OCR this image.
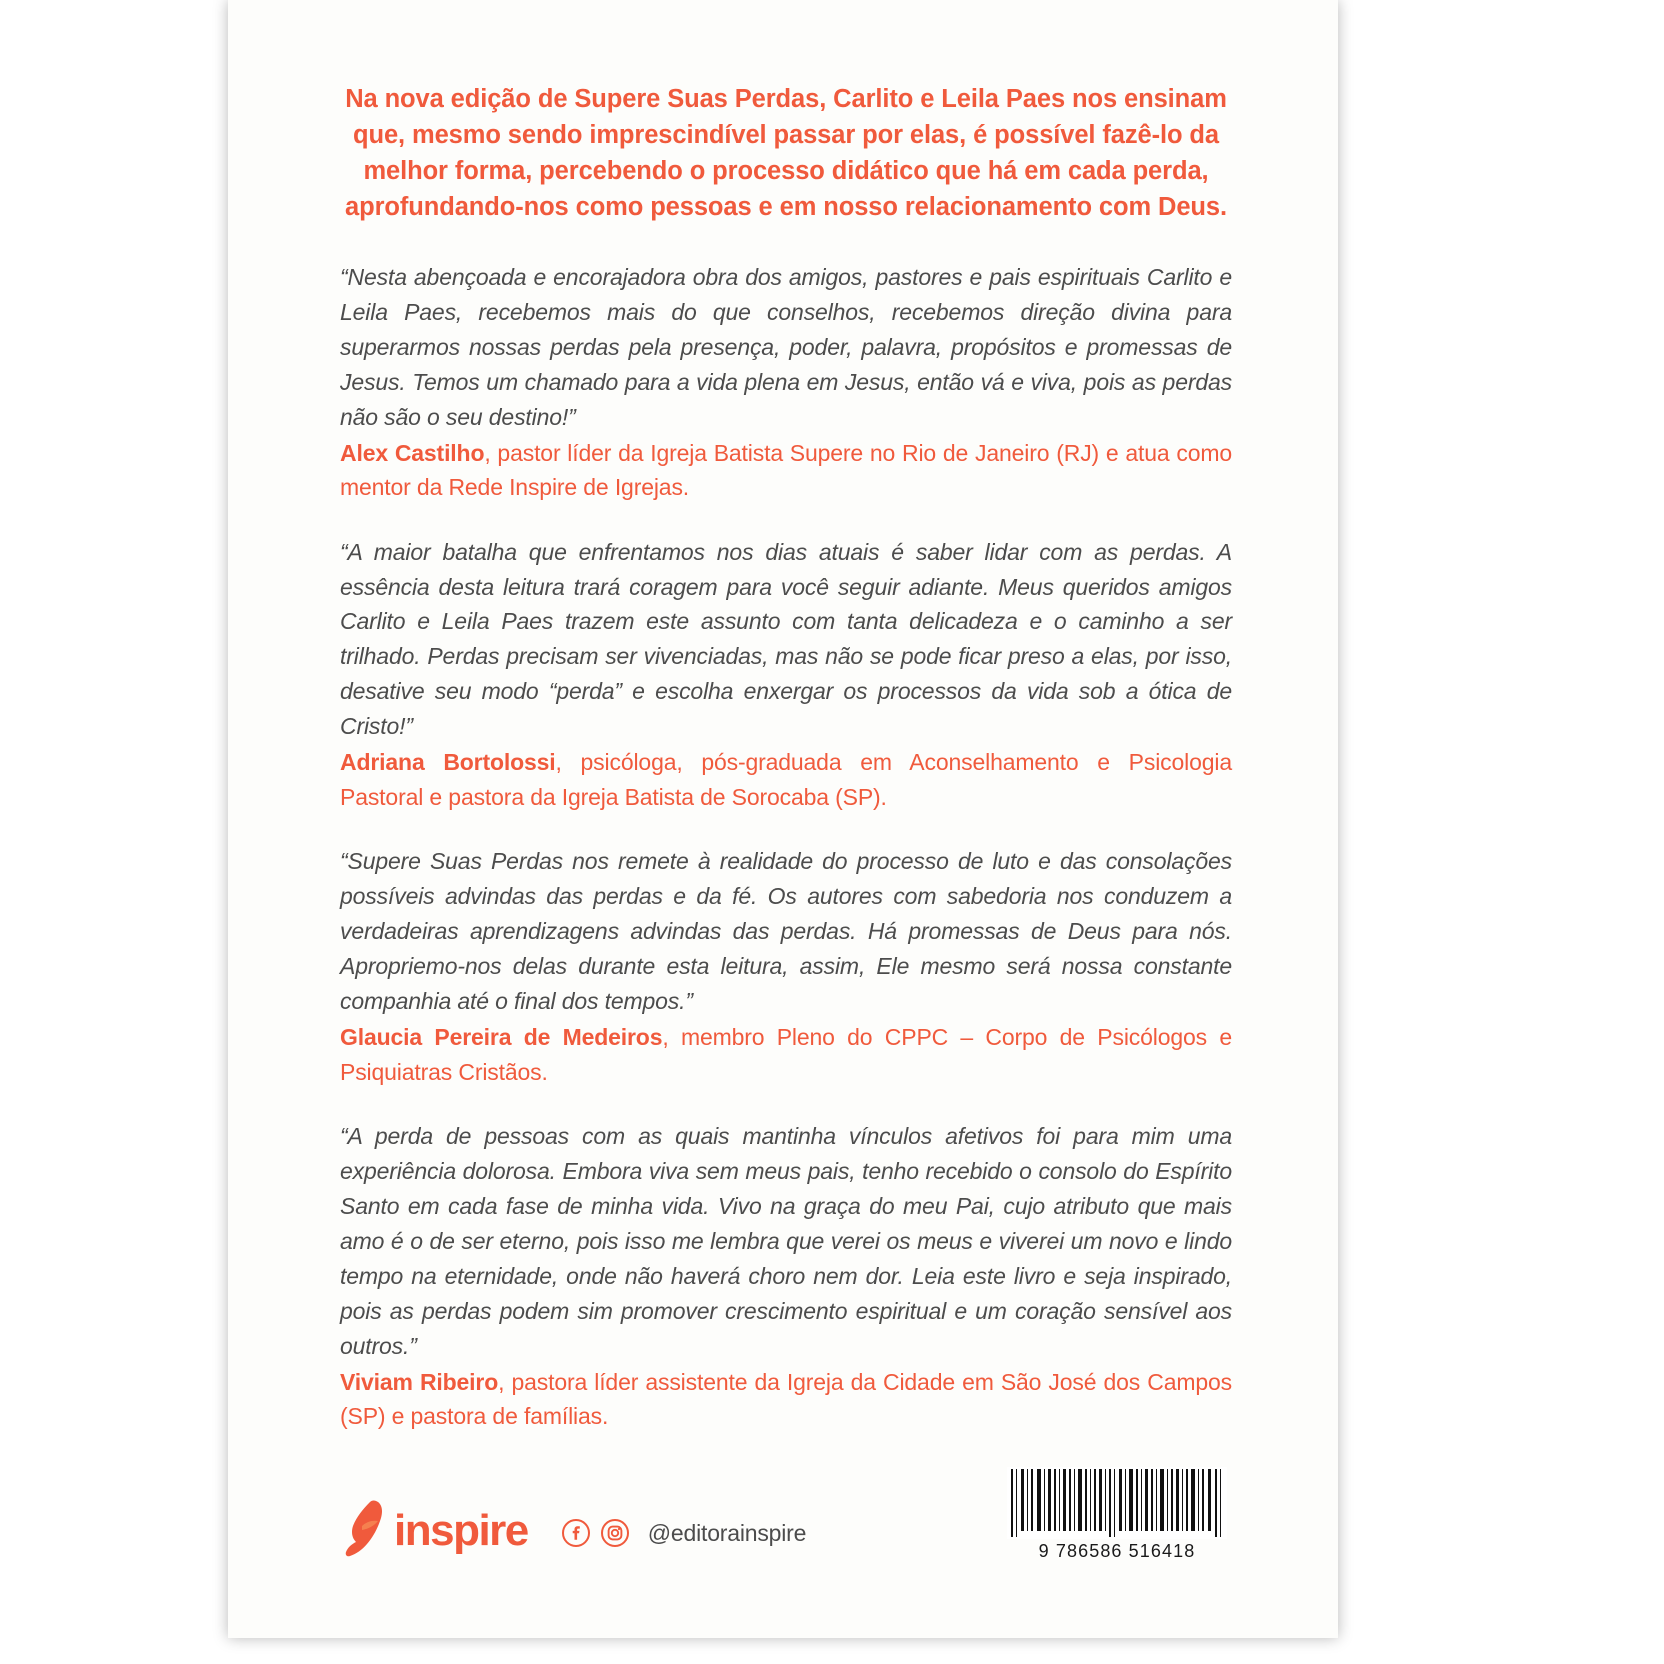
Na nova edição de Supere Suas Perdas, Carlito e Leila Paes nos ensinam que, mesmo sendo imprescindível passar por elas, é possível fazê-lo da melhor forma, percebendo o processo didático que há em cada perda, aprofundando-nos como pessoas e em nosso relacionamento com Deus.
“Nesta abençoada e encorajadora obra dos amigos, pastores e pais espirituais Carlito e Leila Paes, recebemos mais do que conselhos, recebemos direção divina para superarmos nossas perdas pela presença, poder, palavra, propósitos e promessas de Jesus. Temos um chamado para a vida plena em Jesus, então vá e viva, pois as perdas não são o seu destino!”
Alex Castilho, pastor líder da Igreja Batista Supere no Rio de Janeiro (RJ) e atua como mentor da Rede Inspire de Igrejas.
“A maior batalha que enfrentamos nos dias atuais é saber lidar com as perdas. A essência desta leitura trará coragem para você seguir adiante. Meus queridos amigos Carlito e Leila Paes trazem este assunto com tanta delicadeza e o caminho a ser trilhado. Perdas precisam ser vivenciadas, mas não se pode ficar preso a elas, por isso, desative seu modo “perda” e escolha enxergar os processos da vida sob a ótica de Cristo!”
Adriana Bortolossi, psicóloga, pós-graduada em Aconselhamento e Psicologia Pastoral e pastora da Igreja Batista de Sorocaba (SP).
“Supere Suas Perdas nos remete à realidade do processo de luto e das consolações possíveis advindas das perdas e da fé. Os autores com sabedoria nos conduzem a verdadeiras aprendizagens advindas das perdas. Há promessas de Deus para nós. Apropriemo-nos delas durante esta leitura, assim, Ele mesmo será nossa constante companhia até o final dos tempos.”
Glaucia Pereira de Medeiros, membro Pleno do CPPC – Corpo de Psicólogos e Psiquiatras Cristãos.
“A perda de pessoas com as quais mantinha vínculos afetivos foi para mim uma experiência dolorosa. Embora viva sem meus pais, tenho recebido o consolo do Espírito Santo em cada fase de minha vida. Vivo na graça do meu Pai, cujo atributo que mais amo é o de ser eterno, pois isso me lembra que verei os meus e viverei um novo e lindo tempo na eternidade, onde não haverá choro nem dor. Leia este livro e seja inspirado, pois as perdas podem sim promover crescimento espiritual e um coração sensível aos outros.”
Viviam Ribeiro, pastora líder assistente da Igreja da Cidade em São José dos Campos (SP) e pastora de famílias.
inspire	@editorainspire
9 786586 516418
